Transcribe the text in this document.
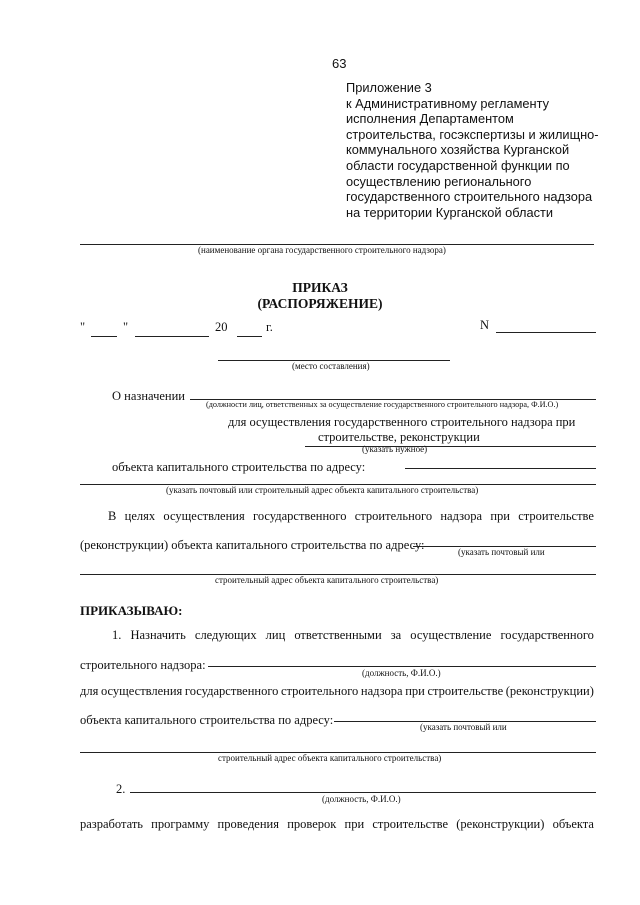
63
Приложение 3
к Административному регламенту
исполнения Департаментом
строительства, госэкспертизы и жилищно-
коммунального хозяйства Курганской
области государственной функции по
осуществлению регионального
государственного строительного надзора
на территории Курганской области
(наименование органа государственного строительного надзора)
ПРИКАЗ
(РАСПОРЯЖЕНИЕ)
"	"	20	г.	N
(место составления)
О назначении
(должности лиц, ответственных за осуществление государственного строительного надзора, Ф.И.О.)
для осуществления государственного строительного надзора при
строительстве, реконструкции
(указать нужное)
объекта капитального строительства по адресу:
(указать почтовый или строительный адрес объекта капитального строительства)
В целях осуществления государственного строительного надзора при строительстве
(реконструкции) объекта капитального строительства по адресу:	(указать почтовый или
строительный адрес объекта капитального строительства)
ПРИКАЗЫВАЮ:
1. Назначить следующих лиц ответственными за осуществление государственного
строительного надзора:
(должность, Ф.И.О.)
для осуществления государственного строительного надзора при строительстве (реконструкции)
объекта капитального строительства по адресу:	(указать почтовый или
строительный адрес объекта капитального строительства)
2.
(должность, Ф.И.О.)
разработать программу проведения проверок при строительстве (реконструкции) объекта
